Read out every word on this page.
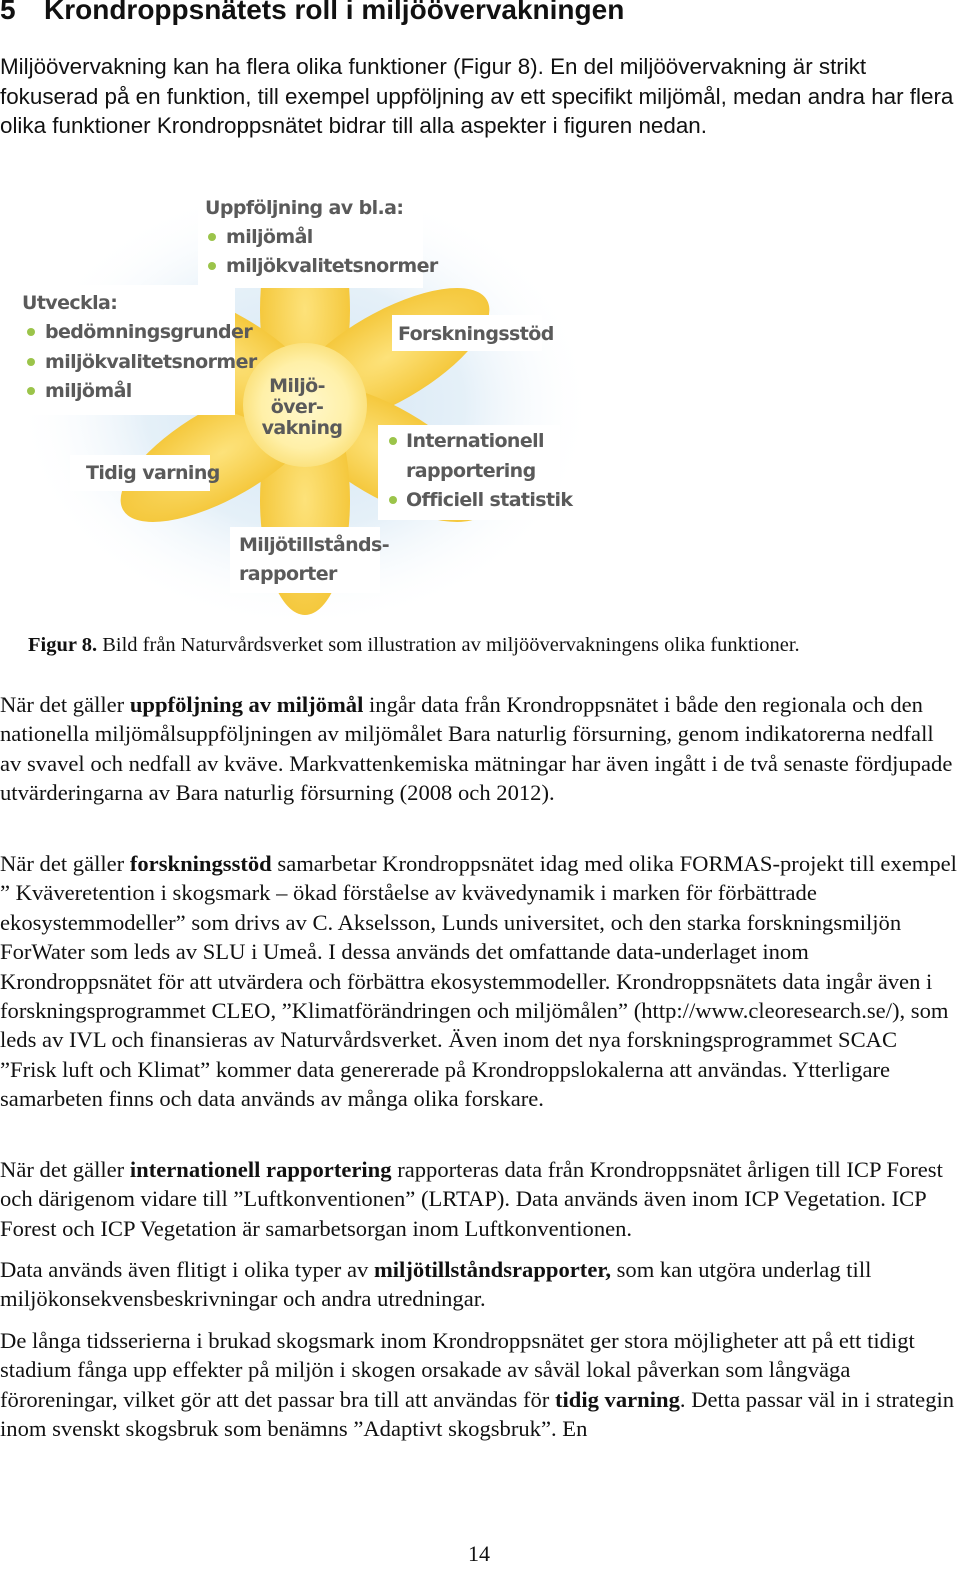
5 Krondroppsnätets roll i miljöövervakningen

Miljöövervakning kan ha flera olika funktioner (Figur 8). En del miljöövervakning är strikt fokuserad på en funktion, till exempel uppföljning av ett specifikt miljömål, medan andra har flera olika funktioner Krondroppsnätet bidrar till alla aspekter i figuren nedan.

Miljö- över- vakning
Uppföljning av bl.a:
miljömål
miljökvalitetsnormer
Utveckla:
bedömningsgrunder
miljökvalitetsnormer
miljömål
Forskningsstöd
Tidig varning
Internationell
rapportering
Officiell statistik
Miljötillstånds-
rapporter

Figur 8. Bild från Naturvårdsverket som illustration av miljöövervakningens olika funktioner.

När det gäller uppföljning av miljömål ingår data från Krondroppsnätet i både den regionala och den nationella miljömålsuppföljningen av miljömålet Bara naturlig försurning, genom indikatorerna nedfall av svavel och nedfall av kväve. Markvattenkemiska mätningar har även ingått i de två senaste fördjupade utvärderingarna av Bara naturlig försurning (2008 och 2012).

När det gäller forskningsstöd samarbetar Krondroppsnätet idag med olika FORMAS-projekt till exempel ” Kväveretention i skogsmark – ökad förståelse av kvävedynamik i marken för förbättrade ekosystemmodeller” som drivs av C. Akselsson, Lunds universitet, och den starka forskningsmiljön ForWater som leds av SLU i Umeå. I dessa används det omfattande data-underlaget inom Krondroppsnätet för att utvärdera och förbättra ekosystemmodeller. Krondroppsnätets data ingår även i forskningsprogrammet CLEO, ”Klimatförändringen och miljömålen” (http://www.cleoresearch.se/), som leds av IVL och finansieras av Naturvårdsverket. Även inom det nya forskningsprogrammet SCAC ”Frisk luft och Klimat” kommer data genererade på Krondroppslokalerna att användas. Ytterligare samarbeten finns och data används av många olika forskare.

När det gäller internationell rapportering rapporteras data från Krondroppsnätet årligen till ICP Forest och därigenom vidare till ”Luftkonventionen” (LRTAP). Data används även inom ICP Vegetation. ICP Forest och ICP Vegetation är samarbetsorgan inom Luftkonventionen.

Data används även flitigt i olika typer av miljötillståndsrapporter, som kan utgöra underlag till miljökonsekvensbeskrivningar och andra utredningar.

De långa tidsserierna i brukad skogsmark inom Krondroppsnätet ger stora möjligheter att på ett tidigt stadium fånga upp effekter på miljön i skogen orsakade av såväl lokal påverkan som långväga föroreningar, vilket gör att det passar bra till att användas för tidig varning. Detta passar väl in i strategin inom svenskt skogsbruk som benämns ”Adaptivt skogsbruk”. En

14
